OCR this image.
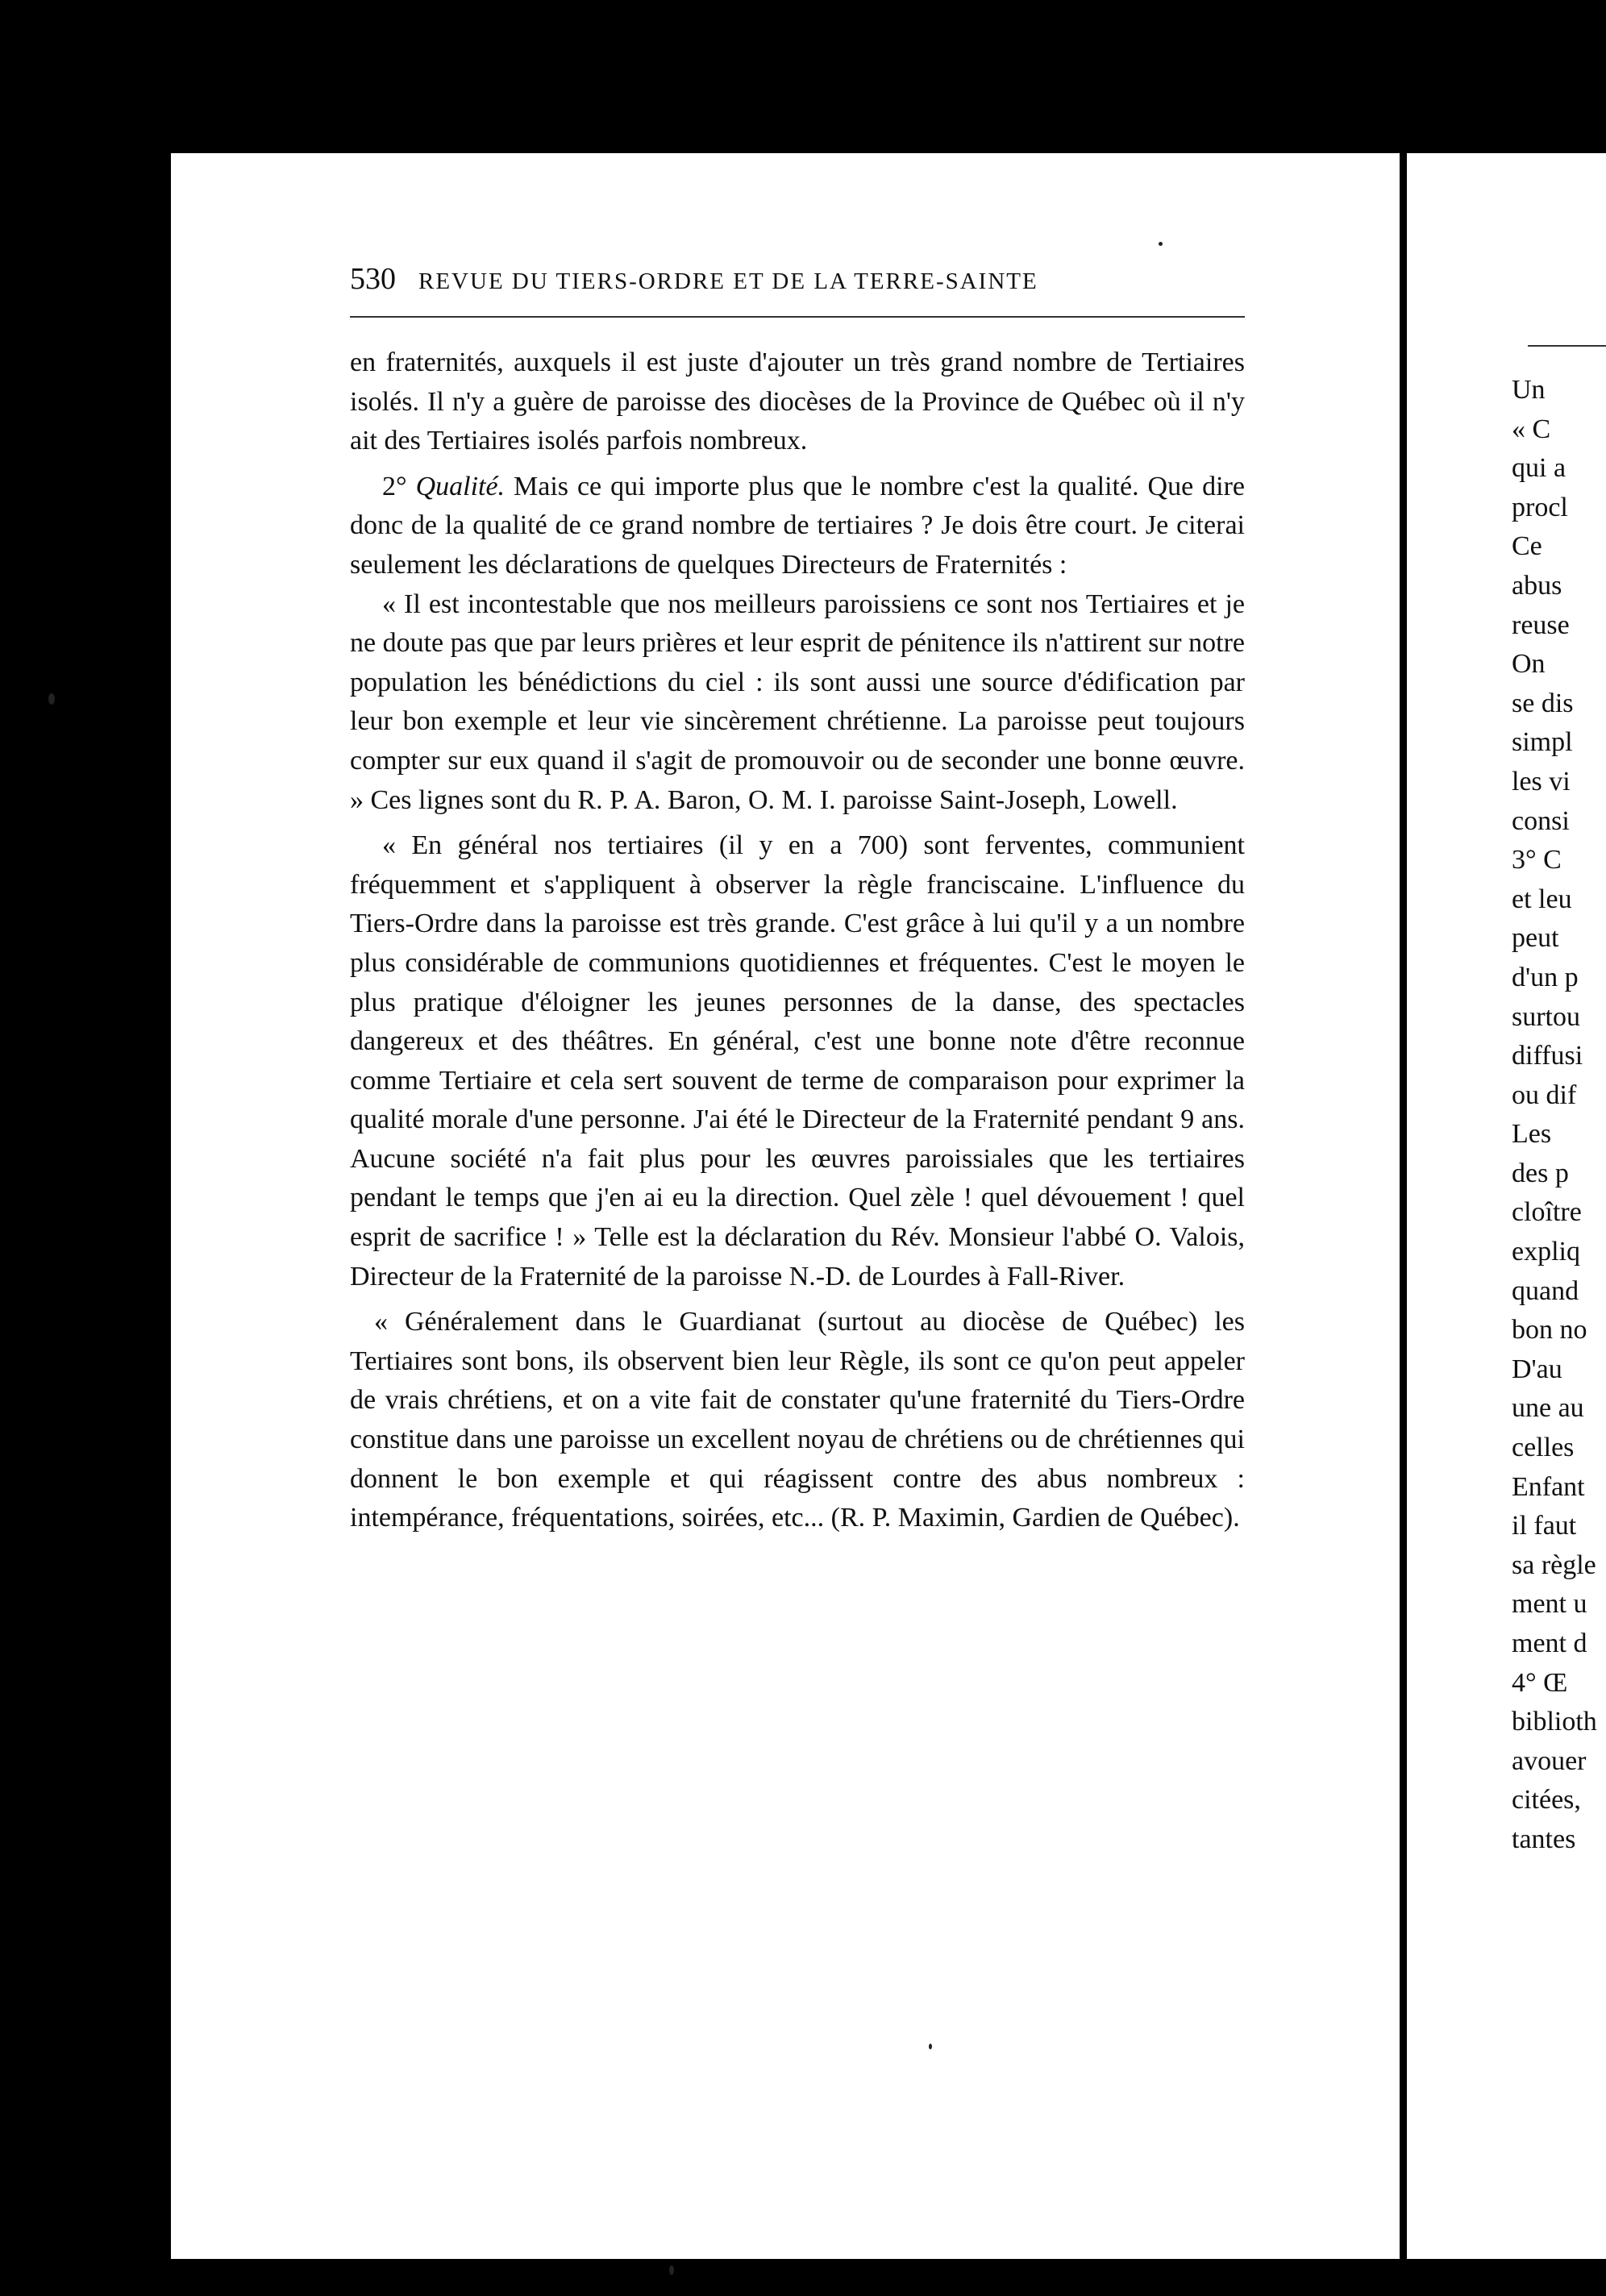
530 REVUE DU TIERS-ORDRE ET DE LA TERRE-SAINTE

en fraternités, auxquels il est juste d'ajouter un très grand nombre de Tertiaires isolés. Il n'y a guère de paroisse des diocèses de la Province de Québec où il n'y ait des Tertiaires isolés parfois nombreux.

2° Qualité. Mais ce qui importe plus que le nombre c'est la qualité. Que dire donc de la qualité de ce grand nombre de tertiaires ? Je dois être court. Je citerai seulement les déclarations de quelques Directeurs de Fraternités :

« Il est incontestable que nos meilleurs paroissiens ce sont nos Tertiaires et je ne doute pas que par leurs prières et leur esprit de pénitence ils n'attirent sur notre population les bénédictions du ciel : ils sont aussi une source d'édification par leur bon exemple et leur vie sincèrement chrétienne. La paroisse peut toujours compter sur eux quand il s'agit de promouvoir ou de seconder une bonne œuvre. » Ces lignes sont du R. P. A. Baron, O. M. I. paroisse Saint-Joseph, Lowell.

« En général nos tertiaires (il y en a 700) sont ferventes, communient fréquemment et s'appliquent à observer la règle franciscaine. L'influence du Tiers-Ordre dans la paroisse est très grande. C'est grâce à lui qu'il y a un nombre plus considérable de communions quotidiennes et fréquentes. C'est le moyen le plus pratique d'éloigner les jeunes personnes de la danse, des spectacles dangereux et des théâtres. En général, c'est une bonne note d'être reconnue comme Tertiaire et cela sert souvent de terme de comparaison pour exprimer la qualité morale d'une personne. J'ai été le Directeur de la Fraternité pendant 9 ans. Aucune société n'a fait plus pour les œuvres paroissiales que les tertiaires pendant le temps que j'en ai eu la direction. Quel zèle ! quel dévouement ! quel esprit de sacrifice ! » Telle est la déclaration du Rév. Monsieur l'abbé O. Valois, Directeur de la Fraternité de la paroisse N.-D. de Lourdes à Fall-River.

« Généralement dans le Guardianat (surtout au diocèse de Québec) les Tertiaires sont bons, ils observent bien leur Règle, ils sont ce qu'on peut appeler de vrais chrétiens, et on a vite fait de constater qu'une fraternité du Tiers-Ordre constitue dans une paroisse un excellent noyau de chrétiens ou de chrétiennes qui donnent le bon exemple et qui réagissent contre des abus nombreux : intempérance, fréquentations, soirées, etc... (R. P. Maximin, Gardien de Québec).

Un
« C
qui a
procl
Ce
abus
reuse
On
se dis
simpl
les vi
consi
3° C
et leu
peut
d'un p
surtou
diffusi
ou dif
Les
des p
cloître
expliq
quand
bon no
D'au
une au
celles
Enfant
il faut
sa règle
ment u
ment d
4° Œ
biblioth
avouer
citées,
tantes
